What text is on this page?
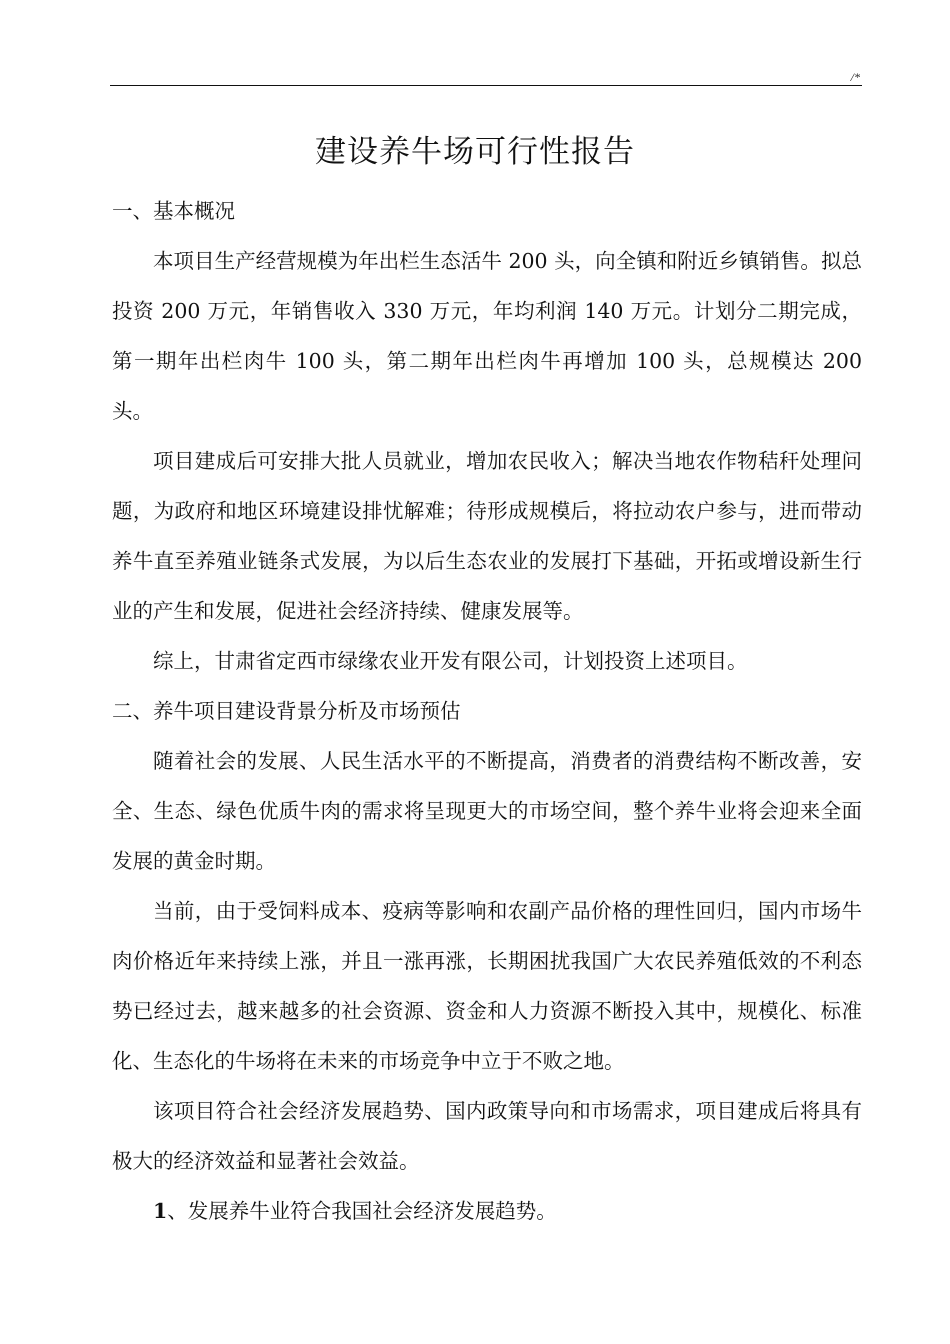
/*
建设养牛场可行性报告

一、基本概况

本项目生产经营规模为年出栏生态活牛 200 头，向全镇和附近乡镇销售。拟总投资 200 万元，年销售收入 330 万元，年均利润 140 万元。计划分二期完成，第一期年出栏肉牛 100 头，第二期年出栏肉牛再增加 100 头，总规模达 200 头。

项目建成后可安排大批人员就业，增加农民收入；解决当地农作物秸秆处理问题，为政府和地区环境建设排忧解难；待形成规模后，将拉动农户参与，进而带动养牛直至养殖业链条式发展，为以后生态农业的发展打下基础，开拓或增设新生行业的产生和发展，促进社会经济持续、健康发展等。

综上，甘肃省定西市绿缘农业开发有限公司，计划投资上述项目。

二、养牛项目建设背景分析及市场预估

随着社会的发展、人民生活水平的不断提高，消费者的消费结构不断改善，安全、生态、绿色优质牛肉的需求将呈现更大的市场空间，整个养牛业将会迎来全面发展的黄金时期。

当前，由于受饲料成本、疫病等影响和农副产品价格的理性回归，国内市场牛肉价格近年来持续上涨，并且一涨再涨，长期困扰我国广大农民养殖低效的不利态势已经过去，越来越多的社会资源、资金和人力资源不断投入其中，规模化、标准化、生态化的牛场将在未来的市场竞争中立于不败之地。

该项目符合社会经济发展趋势、国内政策导向和市场需求，项目建成后将具有极大的经济效益和显著社会效益。

1、发展养牛业符合我国社会经济发展趋势。
